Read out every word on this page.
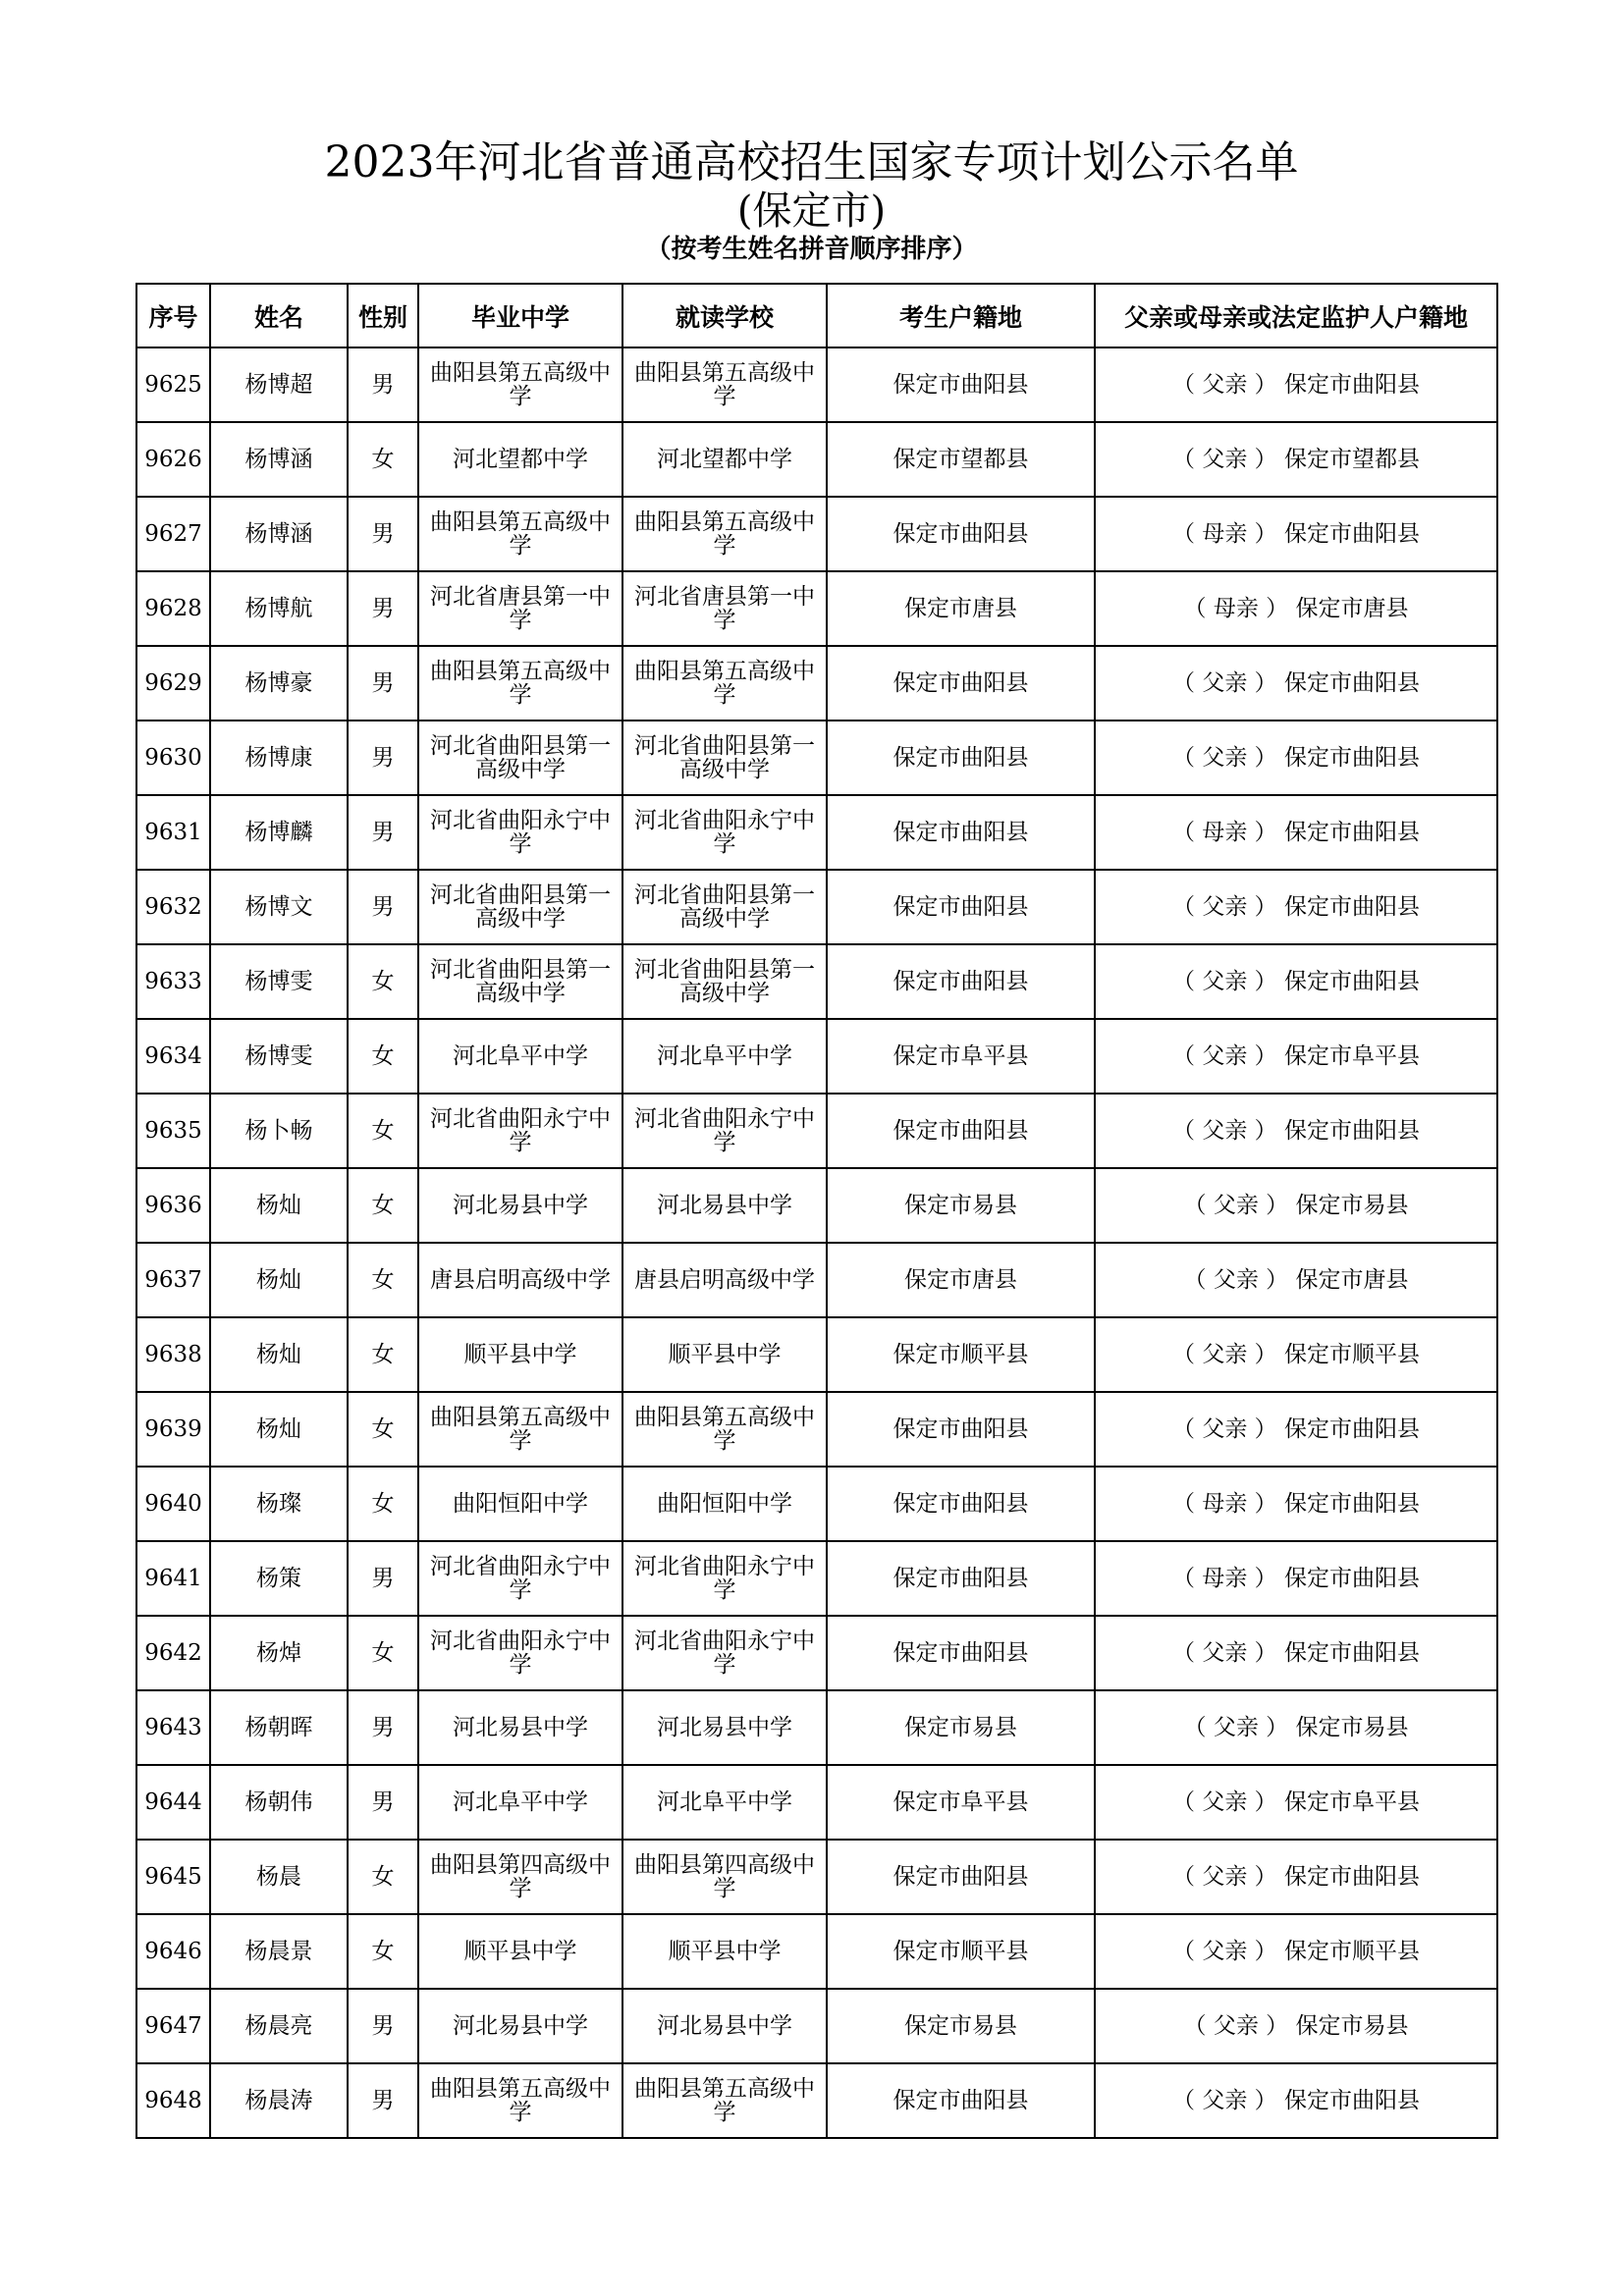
2023年河北省普通高校招生国家专项计划公示名单
(保定市)
（按考生姓名拼音顺序排序）
序号	姓名	性别	毕业中学	就读学校	考生户籍地	父亲或母亲或法定监护人户籍地
9625	杨博超	男	曲阳县第五高级中学	曲阳县第五高级中学	保定市曲阳县	（ 父亲 ） 保定市曲阳县
9626	杨博涵	女	河北望都中学	河北望都中学	保定市望都县	（ 父亲 ） 保定市望都县
9627	杨博涵	男	曲阳县第五高级中学	曲阳县第五高级中学	保定市曲阳县	（ 母亲 ） 保定市曲阳县
9628	杨博航	男	河北省唐县第一中学	河北省唐县第一中学	保定市唐县	（ 母亲 ） 保定市唐县
9629	杨博豪	男	曲阳县第五高级中学	曲阳县第五高级中学	保定市曲阳县	（ 父亲 ） 保定市曲阳县
9630	杨博康	男	河北省曲阳县第一高级中学	河北省曲阳县第一高级中学	保定市曲阳县	（ 父亲 ） 保定市曲阳县
9631	杨博麟	男	河北省曲阳永宁中学	河北省曲阳永宁中学	保定市曲阳县	（ 母亲 ） 保定市曲阳县
9632	杨博文	男	河北省曲阳县第一高级中学	河北省曲阳县第一高级中学	保定市曲阳县	（ 父亲 ） 保定市曲阳县
9633	杨博雯	女	河北省曲阳县第一高级中学	河北省曲阳县第一高级中学	保定市曲阳县	（ 父亲 ） 保定市曲阳县
9634	杨博雯	女	河北阜平中学	河北阜平中学	保定市阜平县	（ 父亲 ） 保定市阜平县
9635	杨卜畅	女	河北省曲阳永宁中学	河北省曲阳永宁中学	保定市曲阳县	（ 父亲 ） 保定市曲阳县
9636	杨灿	女	河北易县中学	河北易县中学	保定市易县	（ 父亲 ） 保定市易县
9637	杨灿	女	唐县启明高级中学	唐县启明高级中学	保定市唐县	（ 父亲 ） 保定市唐县
9638	杨灿	女	顺平县中学	顺平县中学	保定市顺平县	（ 父亲 ） 保定市顺平县
9639	杨灿	女	曲阳县第五高级中学	曲阳县第五高级中学	保定市曲阳县	（ 父亲 ） 保定市曲阳县
9640	杨璨	女	曲阳恒阳中学	曲阳恒阳中学	保定市曲阳县	（ 母亲 ） 保定市曲阳县
9641	杨策	男	河北省曲阳永宁中学	河北省曲阳永宁中学	保定市曲阳县	（ 母亲 ） 保定市曲阳县
9642	杨焯	女	河北省曲阳永宁中学	河北省曲阳永宁中学	保定市曲阳县	（ 父亲 ） 保定市曲阳县
9643	杨朝晖	男	河北易县中学	河北易县中学	保定市易县	（ 父亲 ） 保定市易县
9644	杨朝伟	男	河北阜平中学	河北阜平中学	保定市阜平县	（ 父亲 ） 保定市阜平县
9645	杨晨	女	曲阳县第四高级中学	曲阳县第四高级中学	保定市曲阳县	（ 父亲 ） 保定市曲阳县
9646	杨晨景	女	顺平县中学	顺平县中学	保定市顺平县	（ 父亲 ） 保定市顺平县
9647	杨晨亮	男	河北易县中学	河北易县中学	保定市易县	（ 父亲 ） 保定市易县
9648	杨晨涛	男	曲阳县第五高级中学	曲阳县第五高级中学	保定市曲阳县	（ 父亲 ） 保定市曲阳县
